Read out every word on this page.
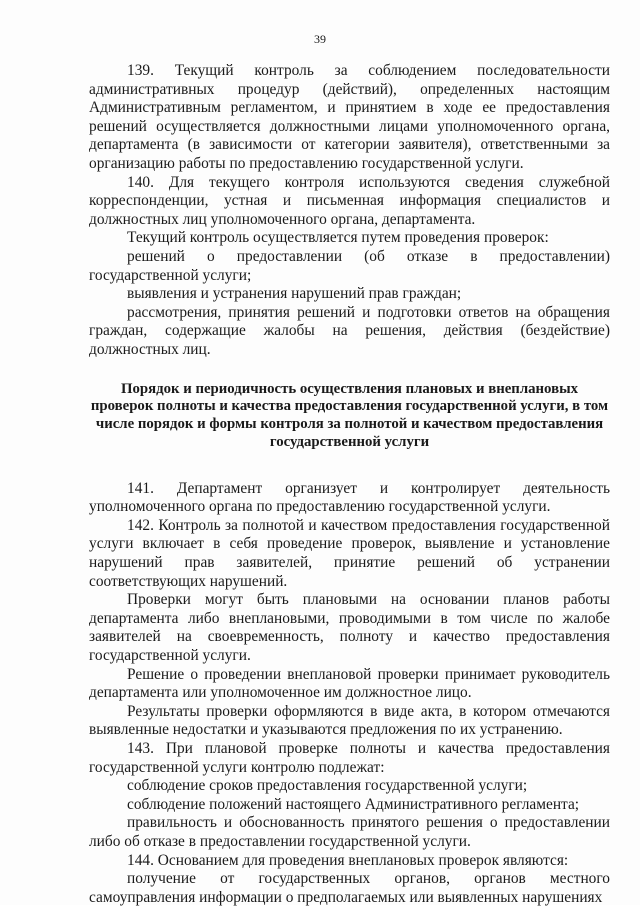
39

139. Текущий контроль за соблюдением последовательности административных процедур (действий), определенных настоящим Административным регламентом, и принятием в ходе ее предоставления решений осуществляется должностными лицами уполномоченного органа, департамента (в зависимости от категории заявителя), ответственными за организацию работы по предоставлению государственной услуги.

140. Для текущего контроля используются сведения служебной корреспонденции, устная и письменная информация специалистов и должностных лиц уполномоченного органа, департамента.

Текущий контроль осуществляется путем проведения проверок:

решений о предоставлении (об отказе в предоставлении) государственной услуги;

выявления и устранения нарушений прав граждан;

рассмотрения, принятия решений и подготовки ответов на обращения граждан, содержащие жалобы на решения, действия (бездействие) должностных лиц.

Порядок и периодичность осуществления плановых и внеплановых проверок полноты и качества предоставления государственной услуги, в том числе порядок и формы контроля за полнотой и качеством предоставления государственной услуги

141. Департамент организует и контролирует деятельность уполномоченного органа по предоставлению государственной услуги.

142. Контроль за полнотой и качеством предоставления государственной услуги включает в себя проведение проверок, выявление и установление нарушений прав заявителей, принятие решений об устранении соответствующих нарушений.

Проверки могут быть плановыми на основании планов работы департамента либо внеплановыми, проводимыми в том числе по жалобе заявителей на своевременность, полноту и качество предоставления государственной услуги.

Решение о проведении внеплановой проверки принимает руководитель департамента или уполномоченное им должностное лицо.

Результаты проверки оформляются в виде акта, в котором отмечаются выявленные недостатки и указываются предложения по их устранению.

143. При плановой проверке полноты и качества предоставления государственной услуги контролю подлежат:

соблюдение сроков предоставления государственной услуги;

соблюдение положений настоящего Административного регламента;

правильность и обоснованность принятого решения о предоставлении либо об отказе в предоставлении государственной услуги.

144. Основанием для проведения внеплановых проверок являются:

получение от государственных органов, органов местного самоуправления информации о предполагаемых или выявленных нарушениях
